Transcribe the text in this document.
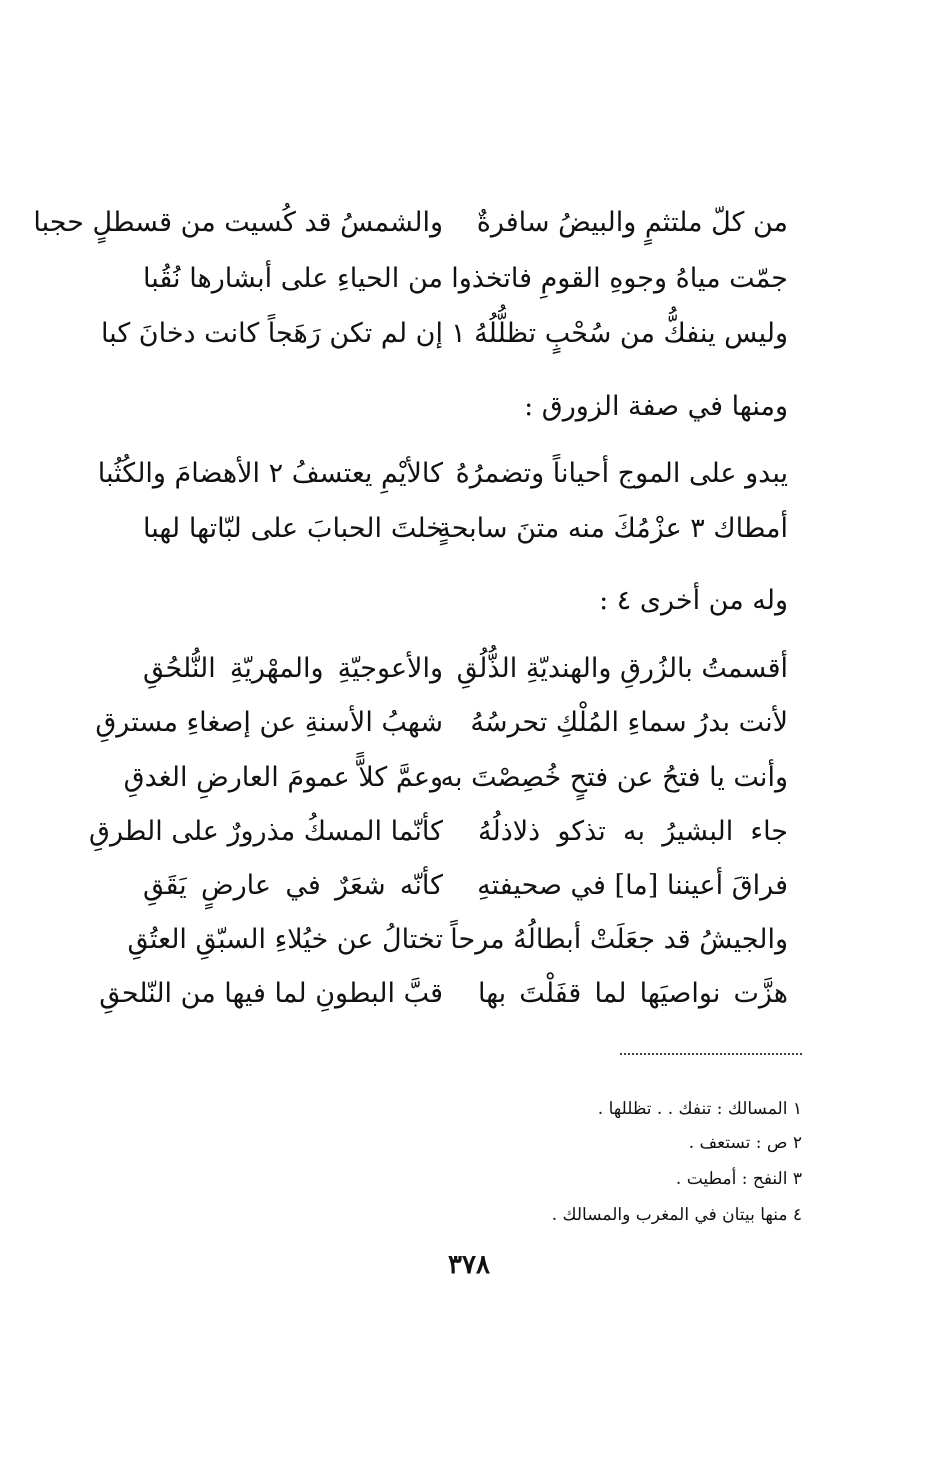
من كلّ ملتثمٍ والبيضُ سافرةٌ
والشمسُ قد كُسيت من قسطلٍ حجبا
جمّت مياهُ وجوهِ القومِ فاتخذوا
من الحياءِ على أبشارها نُقُبا
وليس ينفكُّ من سُحْبٍ تظلُّلُهُ ١
إن لم تكن رَهَجاً كانت دخانَ كبا
ومنها في صفة الزورق :
يبدو على الموج أحياناً وتضمرُهُ
كالأيْمِ يعتسفُ ٢ الأهضامَ والكُثُبا
أمطاك ٣ عزْمُكَ منه متنَ سابحةٍ
خلتَ الحبابَ على لبّاتها لهبا
وله من أخرى ٤ :
أقسمتُ بالزُرقِ والهنديّةِ الذُّلُقِ
والأعوجيّةِ والمهْريّةِ النُّلحُقِ
لأنت بدرُ سماءِ المُلْكِ تحرسُهُ
شهبُ الأسنةِ عن إصغاءِ مسترقِ
وأنت يا فتحُ عن فتحٍ خُصِصْتَ به
وعمَّ كلاًّ عمومَ العارضِ الغدقِ
جاء البشيرُ به تذكو ذلاذلُهُ
كأنّما المسكُ مذرورٌ على الطرقِ
فراقَ أعيننا [ما] في صحيفتهِ
كأنّه شعَرٌ في عارضٍ يَقَقِ
والجيشُ قد جعَلَتْ أبطالُهُ مرحاً
تختالُ عن خيُلاءِ السبّقِ العتُقِ
هزَّت نواصيَها لما قفَلْتَ بها
قبَّ البطونِ لما فيها من النّلحقِ
١ المسالك : تنفك . . تظللها .
٢ ص : تستعف .
٣ النفح : أمطيت .
٤ منها بيتان في المغرب والمسالك .
٣٧٨
